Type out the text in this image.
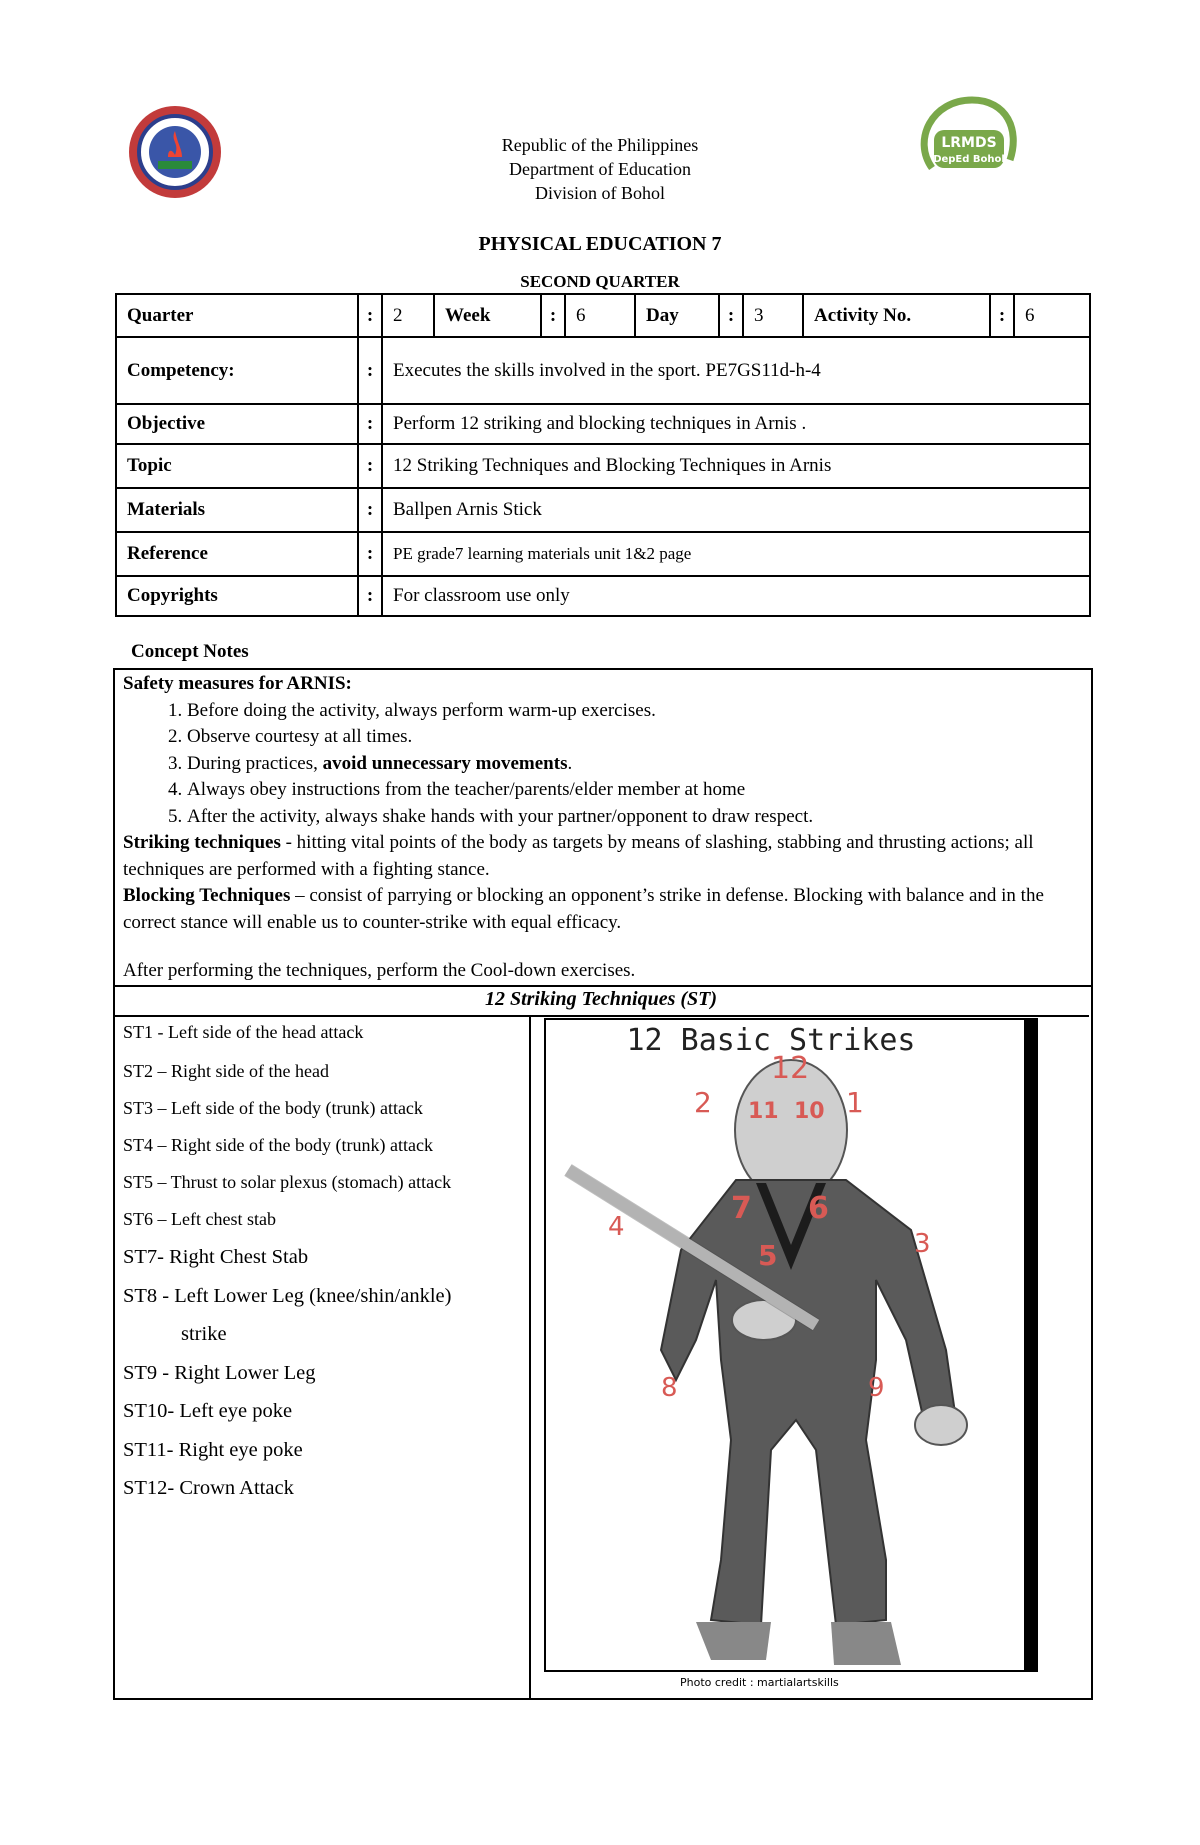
Republic of the Philippines
Department of Education
Division of Bohol
LRMDS
DepEd Bohol
PHYSICAL EDUCATION 7
SECOND QUARTER
Quarter	:	2	Week	:	6	Day	:	3	Activity No.	:	6
Competency:	:	Executes the skills involved in the sport. PE7GS11d-h-4									
Objective	:	Perform 12 striking and blocking techniques in Arnis .									
Topic	:	12 Striking Techniques and Blocking Techniques in Arnis									
Materials	:	Ballpen Arnis Stick									
Reference	:	PE grade7 learning materials unit 1&2 page									
Copyrights	:	For classroom use only									
Concept Notes

Safety measures for ARNIS:

1. Before doing the activity, always perform warm-up exercises.
2. Observe courtesy at all times.
3. During practices, avoid unnecessary movements.
4. Always obey instructions from the teacher/parents/elder member at home
5. After the activity, always shake hands with your partner/opponent to draw respect.

Striking techniques - hitting vital points of the body as targets by means of slashing, stabbing and thrusting actions; all techniques are performed with a fighting stance.

Blocking Techniques – consist of parrying or blocking an opponent’s strike in defense. Blocking with balance and in the correct stance will enable us to counter-strike with equal efficacy.

After performing the techniques, perform the Cool-down exercises.

12 Striking Techniques (ST)
ST1 - Left side of the head attack
ST2 – Right side of the head
ST3 – Left side of the body (trunk) attack
ST4 – Right side of the body (trunk) attack
ST5 – Thrust to solar plexus (stomach) attack
ST6 – Left chest stab
ST7- Right Chest Stab
ST8 - Left Lower Leg (knee/shin/ankle)
strike
ST9 - Right Lower Leg
ST10- Left eye poke
ST11- Right eye poke
ST12- Crown Attack
12 Basic Strikes
12
2	1
11 10
7 6
5
4
3
8	9
Photo credit : martialartskills
